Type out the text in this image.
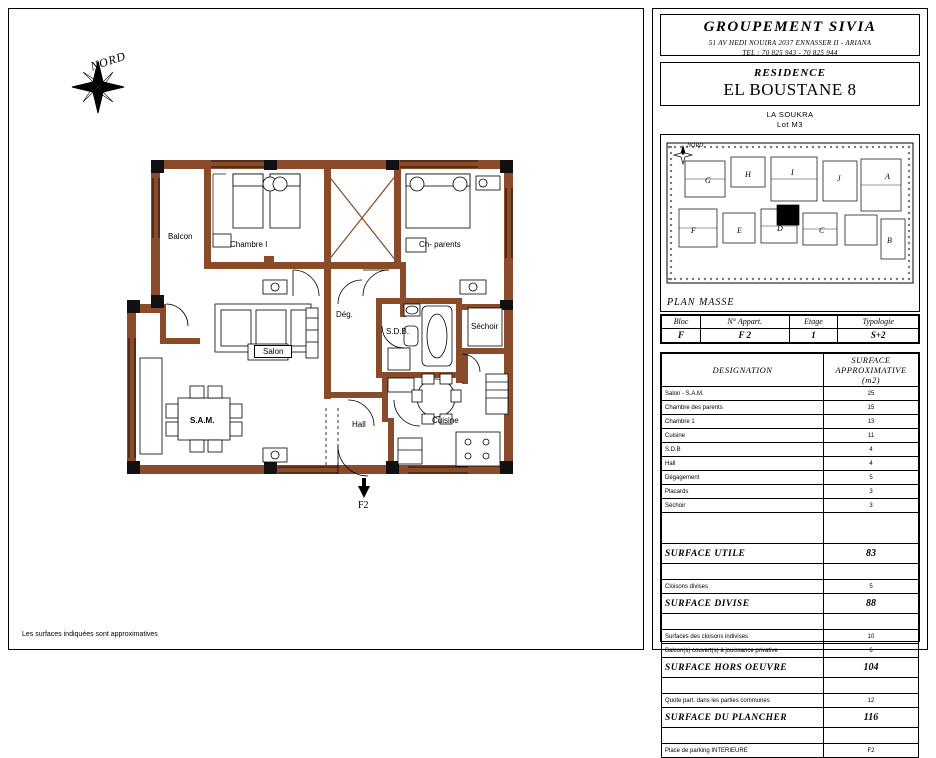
NORD
Balcon
Chambre I	Ch- parents
Dég.
S.D.B.
Séchoir
Salon
Hall	Cuisine
S.A.M.
F2
Les surfaces indiquées sont approximatives
GROUPEMENT SIVIA
51 AV HEDI NOUIRA 2037 ENNASSER II - ARIANA
TEL : 70 825 943 - 70 825 944
RESIDENCE
EL BOUSTANE 8
LA SOUKRA
Lot M3
G
H	I
J	A
F	E	D	C
B
NORD
PLAN MASSE
Bloc	N° Appart.	Etage	Typologie
F	F 2	1	S+2
DESIGNATION	SURFACE APPROXIMATIVE (m2)
Salon - S.A.M.	25
Chambre des parents	15
Chambre 1	13
Cuisine	11
S.D.B	4
Hall	4
Dégagement	5
Placards	3
Séchoir	3

SURFACE UTILE	83

Cloisons divises	5
SURFACE DIVISE	88

Surfaces des cloisons indivises	10
Balcon(s) couvert(s) à jouissance privative	6
SURFACE HORS OEUVRE	104

Quote part. dans les parties communes	12
SURFACE DU PLANCHER	116

Place de parking INTERIEURE	F2
